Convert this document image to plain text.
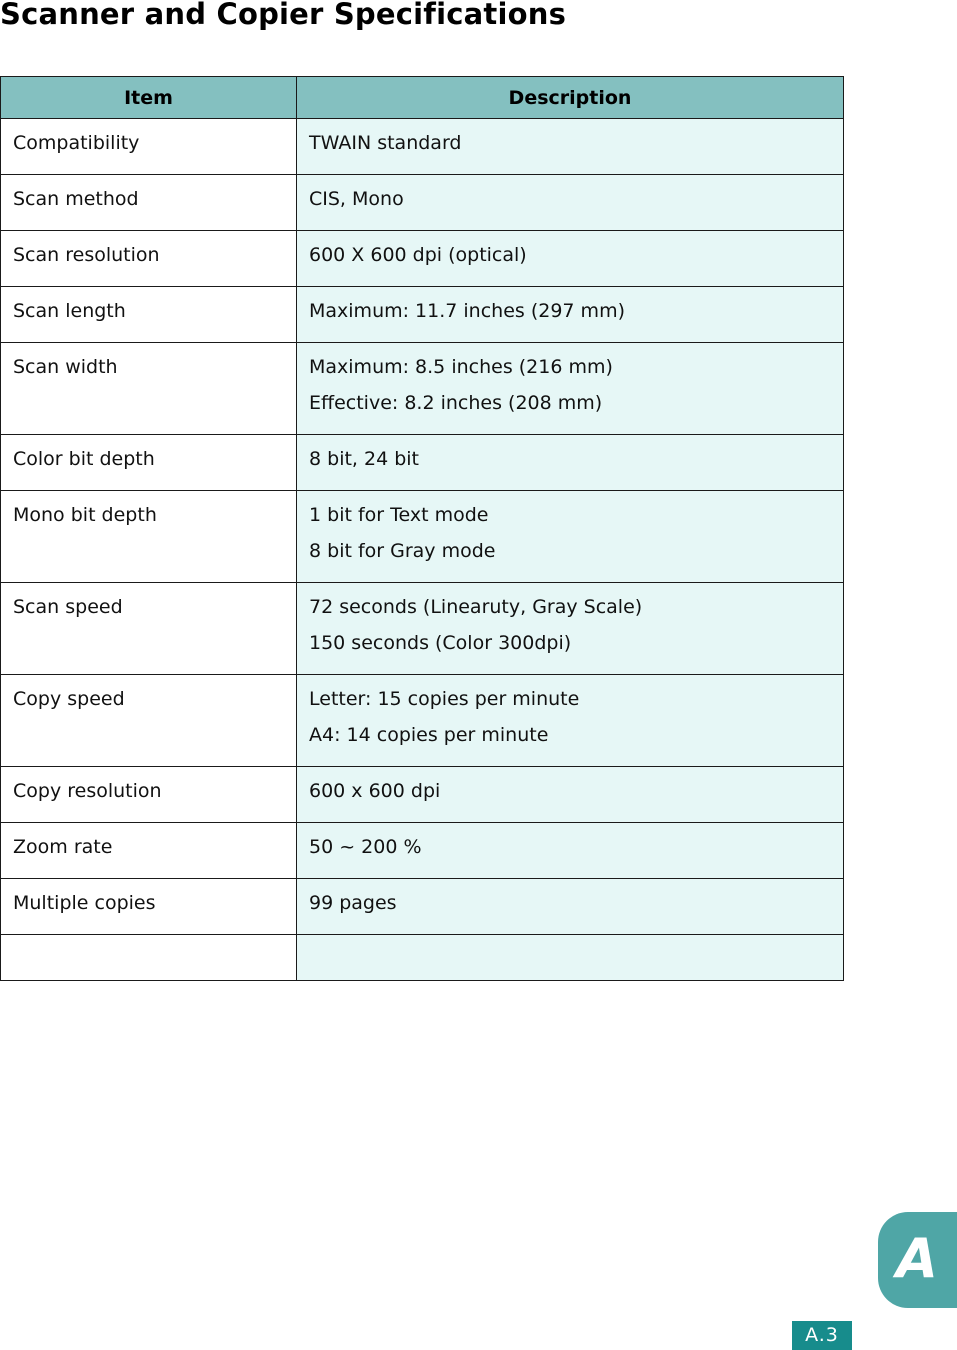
Scanner and Copier Specifications
Item	Description
Compatibility	TWAIN standard

Scan method	CIS, Mono

Scan resolution	600 X 600 dpi (optical)

Scan length	Maximum: 11.7 inches (297 mm)

Scan width	Maximum: 8.5 inches (216 mm)
Effective: 8.2 inches (208 mm)

Color bit depth	8 bit, 24 bit

Mono bit depth	1 bit for Text mode
8 bit for Gray mode

Scan speed	72 seconds (Linearuty, Gray Scale)
150 seconds (Color 300dpi)

Copy speed	Letter: 15 copies per minute
A4: 14 copies per minute

Copy resolution	600 x 600 dpi

Zoom rate	50 ~ 200 %

Multiple copies	99 pages

A
A.3
